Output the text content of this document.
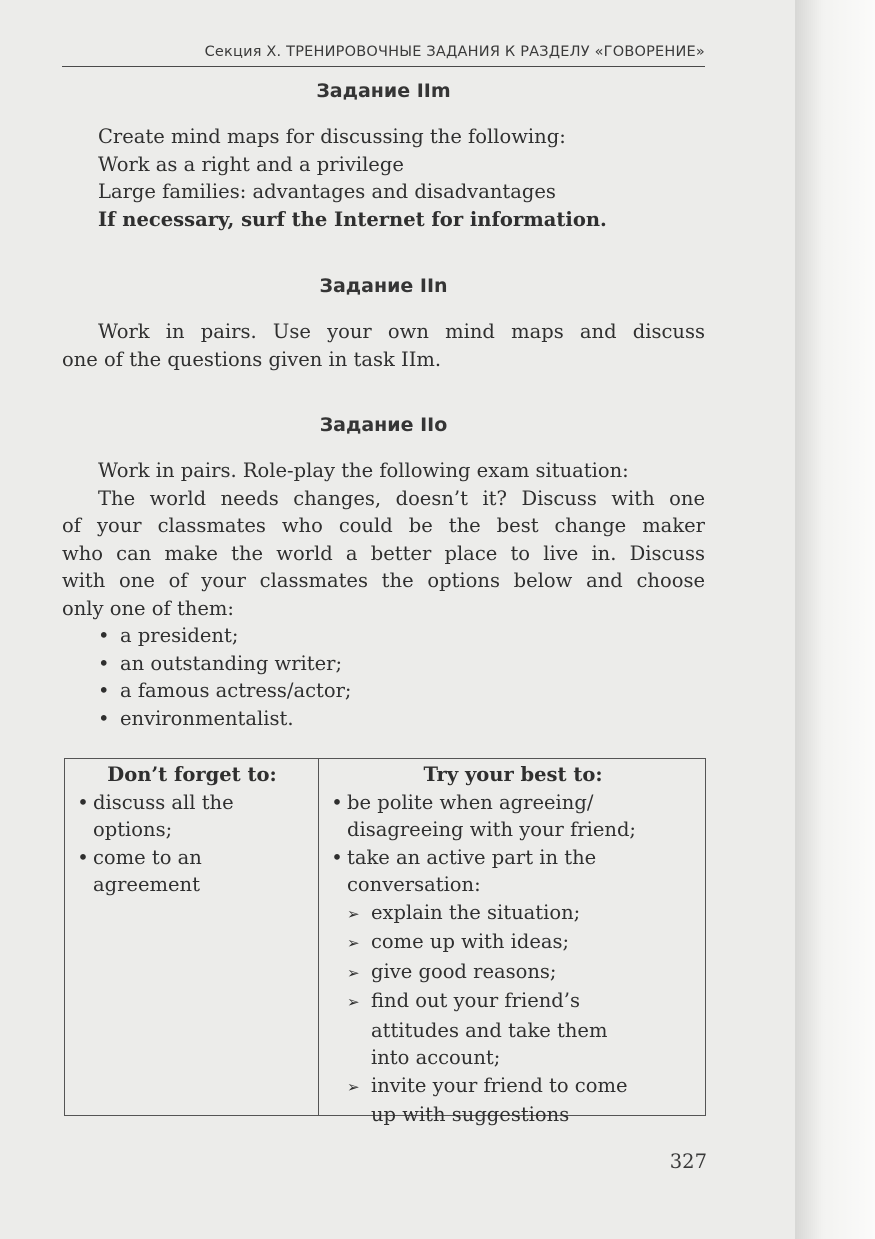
Секция X. ТРЕНИРОВОЧНЫЕ ЗАДАНИЯ К РАЗДЕЛУ «ГОВОРЕНИЕ»
Задание IIm
Create mind maps for discussing the following:
Work as a right and a privilege
Large families: advantages and disadvantages
If necessary, surf the Internet for information.
Задание IIn
Work in pairs. Use your own mind maps and discuss
one of the questions given in task IIm.
Задание IIo
Work in pairs. Role-play the following exam situation:
The world needs changes, doesn’t it? Discuss with one
of your classmates who could be the best change maker
who can make the world a better place to live in. Discuss
with one of your classmates the options below and choose
only one of them:
• a president;
• an outstanding writer;
• a famous actress/actor;
• environmentalist.
Don’t forget to:
• discuss all the
options;
• come to an
agreement
Try your best to:
• be polite when agreeing/
disagreeing with your friend;
• take an active part in the
conversation:
➢ explain the situation;
➢ come up with ideas;
➢ give good reasons;
➢ find out your friend’s
attitudes and take them
into account;
➢ invite your friend to come
up with suggestions
327
